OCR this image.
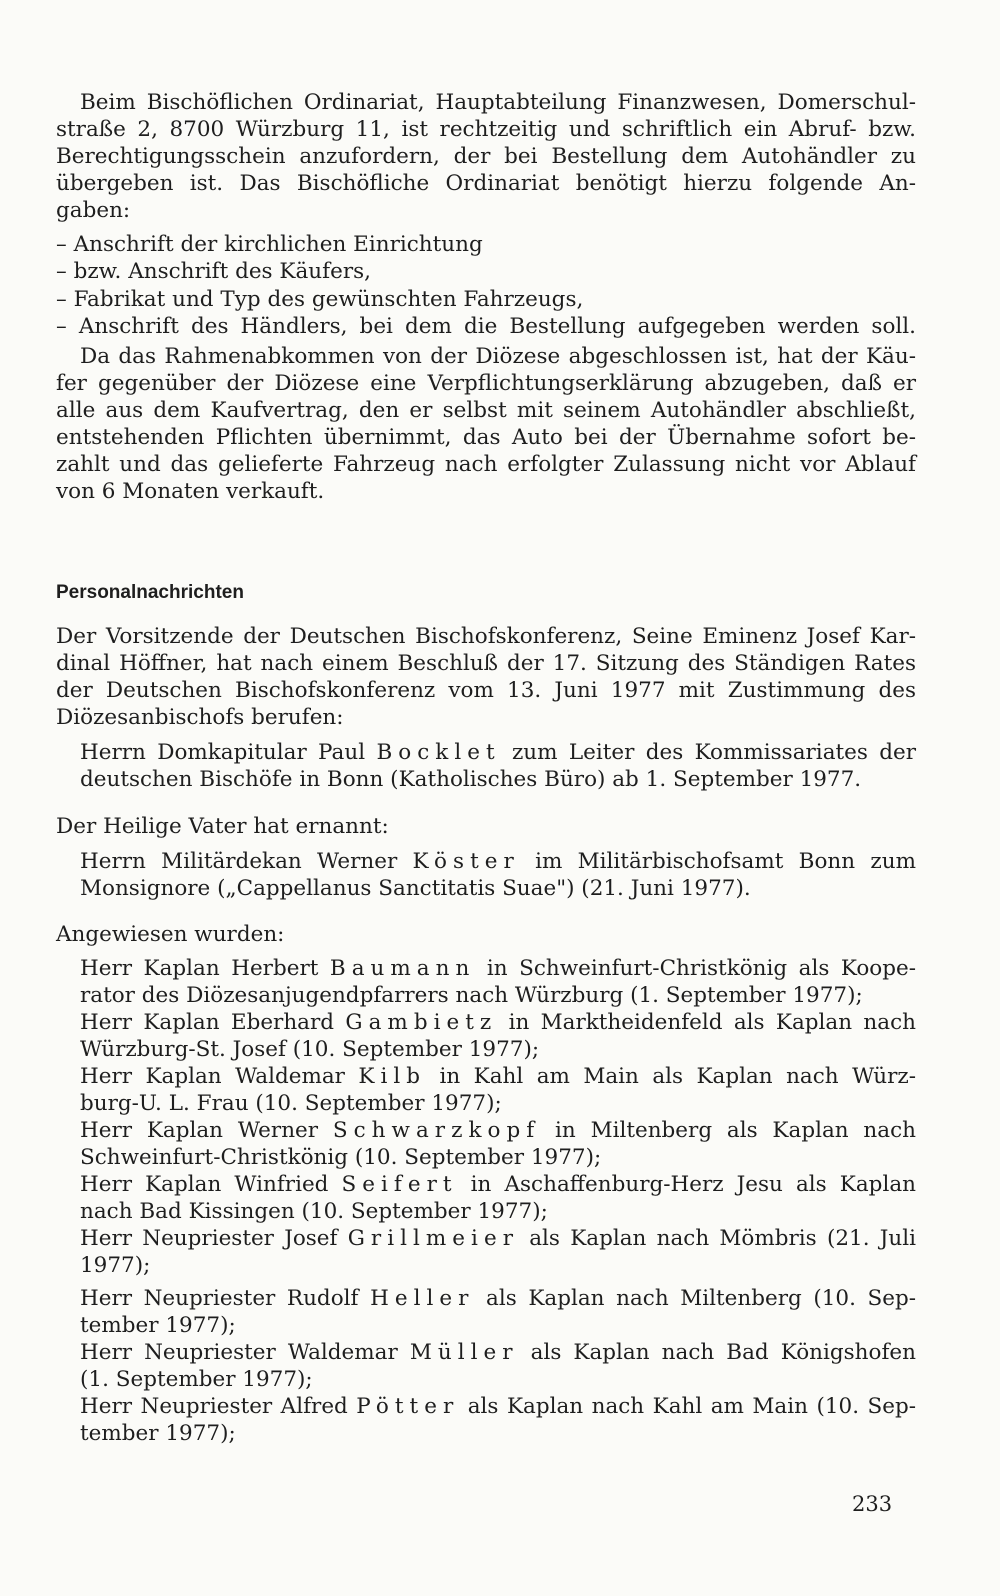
Beim Bischöflichen Ordinariat, Hauptabteilung Finanzwesen, Domerschul-
straße 2, 8700 Würzburg 11, ist rechtzeitig und schriftlich ein Abruf- bzw.
Berechtigungsschein anzufordern, der bei Bestellung dem Autohändler zu
übergeben ist. Das Bischöfliche Ordinariat benötigt hierzu folgende An-
gaben:
– Anschrift der kirchlichen Einrichtung
– bzw. Anschrift des Käufers,
– Fabrikat und Typ des gewünschten Fahrzeugs,
– Anschrift des Händlers, bei dem die Bestellung aufgegeben werden soll.
Da das Rahmenabkommen von der Diözese abgeschlossen ist, hat der Käu-
fer gegenüber der Diözese eine Verpflichtungserklärung abzugeben, daß er
alle aus dem Kaufvertrag, den er selbst mit seinem Autohändler abschließt,
entstehenden Pflichten übernimmt, das Auto bei der Übernahme sofort be-
zahlt und das gelieferte Fahrzeug nach erfolgter Zulassung nicht vor Ablauf
von 6 Monaten verkauft.
Personalnachrichten
Der Vorsitzende der Deutschen Bischofskonferenz, Seine Eminenz Josef Kar-
dinal Höffner, hat nach einem Beschluß der 17. Sitzung des Ständigen Rates
der Deutschen Bischofskonferenz vom 13. Juni 1977 mit Zustimmung des
Diözesanbischofs berufen:
Herrn Domkapitular Paul Bocklet zum Leiter des Kommissariates der
deutschen Bischöfe in Bonn (Katholisches Büro) ab 1. September 1977.
Der Heilige Vater hat ernannt:
Herrn Militärdekan Werner Köster im Militärbischofsamt Bonn zum
Monsignore („Cappellanus Sanctitatis Suae") (21. Juni 1977).
Angewiesen wurden:
Herr Kaplan Herbert Baumann in Schweinfurt-Christkönig als Koope-
rator des Diözesanjugendpfarrers nach Würzburg (1. September 1977);
Herr Kaplan Eberhard Gambietz in Marktheidenfeld als Kaplan nach
Würzburg-St. Josef (10. September 1977);
Herr Kaplan Waldemar Kilb in Kahl am Main als Kaplan nach Würz-
burg-U. L. Frau (10. September 1977);
Herr Kaplan Werner Schwarzkopf in Miltenberg als Kaplan nach
Schweinfurt-Christkönig (10. September 1977);
Herr Kaplan Winfried Seifert in Aschaffenburg-Herz Jesu als Kaplan
nach Bad Kissingen (10. September 1977);
Herr Neupriester Josef Grillmeier als Kaplan nach Mömbris (21. Juli
1977);
Herr Neupriester Rudolf Heller als Kaplan nach Miltenberg (10. Sep-
tember 1977);
Herr Neupriester Waldemar Müller als Kaplan nach Bad Königshofen
(1. September 1977);
Herr Neupriester Alfred Pötter als Kaplan nach Kahl am Main (10. Sep-
tember 1977);
233
